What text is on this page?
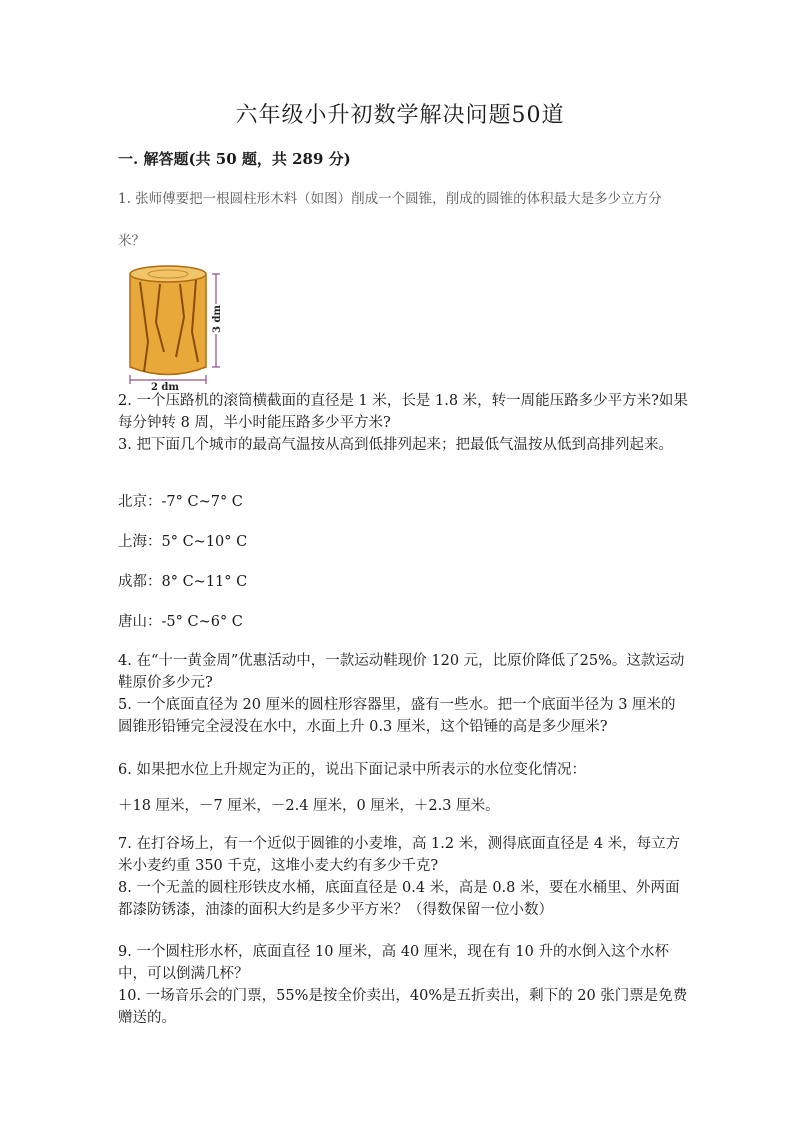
六年级小升初数学解决问题50道
一. 解答题(共 50 题，共 289 分)
1. 张师傅要把一根圆柱形木料（如图）削成一个圆锥，削成的圆锥的体积最大是多少立方分米？
2 dm
3 dm
2. 一个压路机的滚筒横截面的直径是 1 米，长是 1.8 米，转一周能压路多少平方米?如果每分钟转 8 周，半小时能压路多少平方米?
3. 把下面几个城市的最高气温按从高到低排列起来；把最低气温按从低到高排列起来。
北京：-7° C~7° C
上海：5° C~10° C
成都：8° C~11° C
唐山：-5° C~6° C
4. 在“十一黄金周”优惠活动中，一款运动鞋现价 120 元，比原价降低了25%。这款运动鞋原价多少元?
5. 一个底面直径为 20 厘米的圆柱形容器里，盛有一些水。把一个底面半径为 3 厘米的圆锥形铅锤完全浸没在水中，水面上升 0.3 厘米，这个铅锤的高是多少厘米?
6. 如果把水位上升规定为正的，说出下面记录中所表示的水位变化情况：
＋18 厘米，－7 厘米，－2.4 厘米，0 厘米，＋2.3 厘米。
7. 在打谷场上，有一个近似于圆锥的小麦堆，高 1.2 米，测得底面直径是 4 米，每立方米小麦约重 350 千克，这堆小麦大约有多少千克?
8. 一个无盖的圆柱形铁皮水桶，底面直径是 0.4 米，高是 0.8 米，要在水桶里、外两面都漆防锈漆，油漆的面积大约是多少平方米？（得数保留一位小数）
9. 一个圆柱形水杯，底面直径 10 厘米，高 40 厘米，现在有 10 升的水倒入这个水杯中，可以倒满几杯？
10. 一场音乐会的门票，55%是按全价卖出，40%是五折卖出，剩下的 20 张门票是免费赠送的。
